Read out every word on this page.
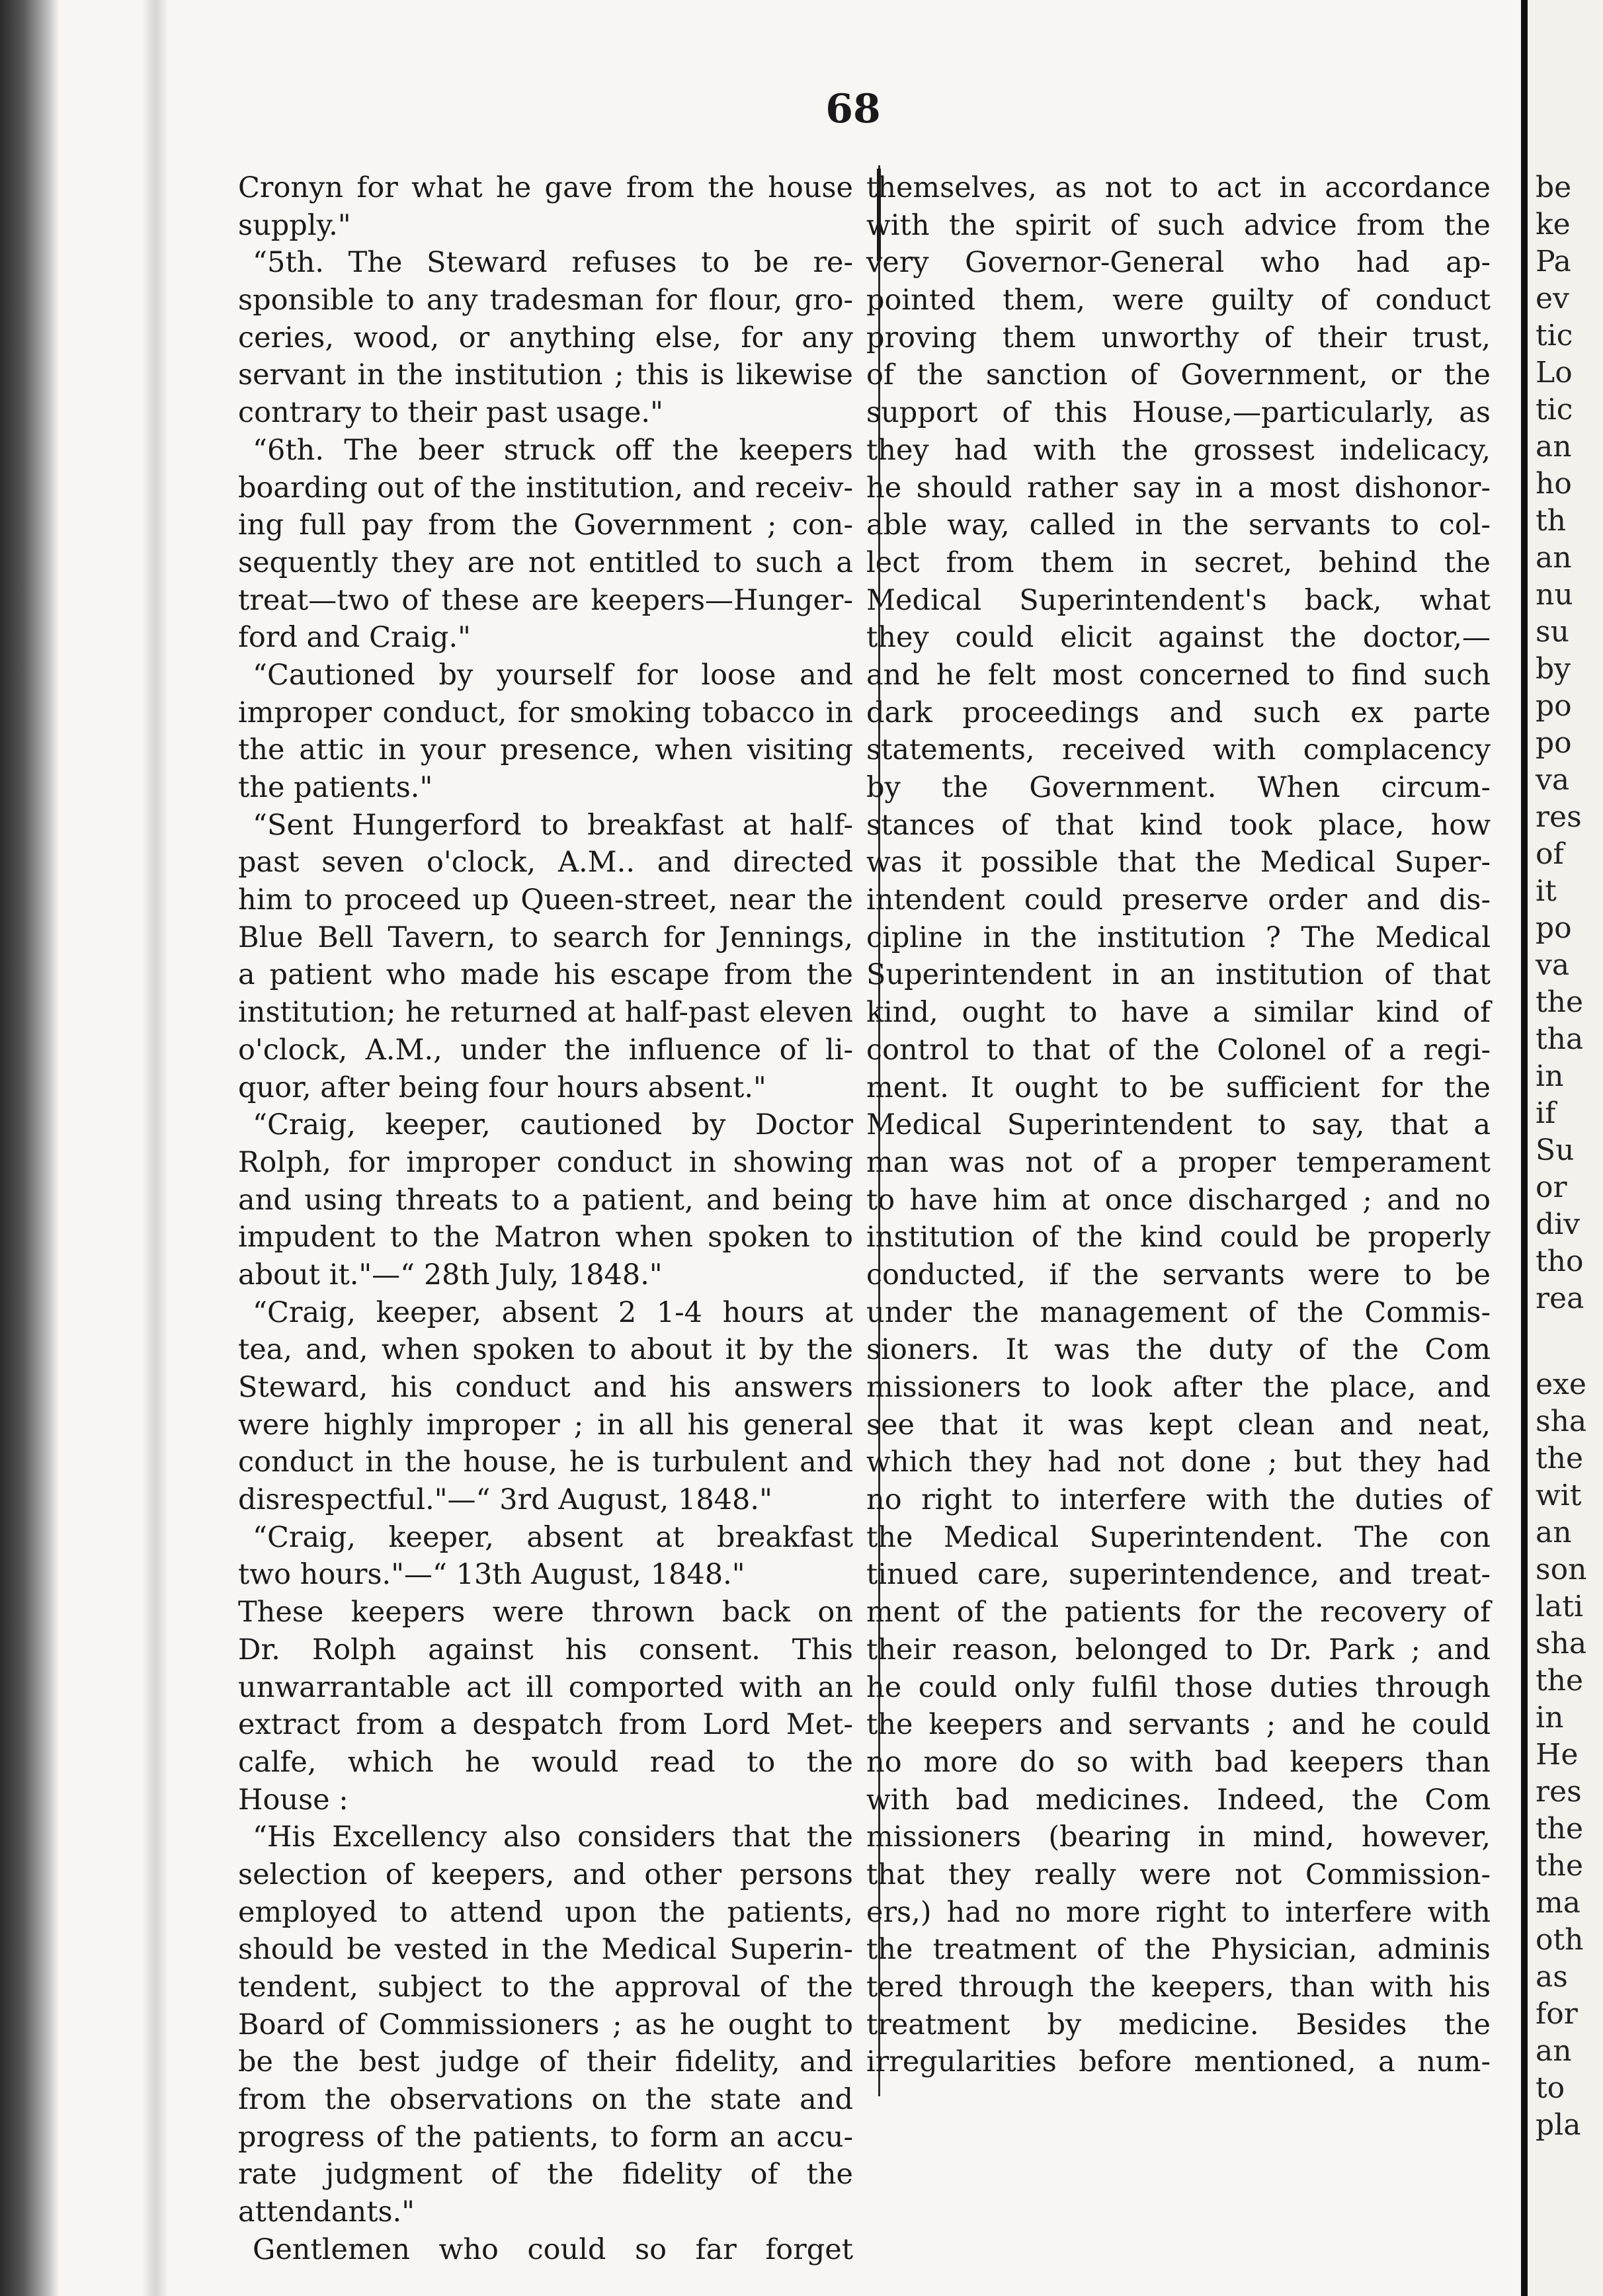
68
Cronyn for what he gave from the house
supply."
“5th. The Steward refuses to be re-
sponsible to any tradesman for flour, gro-
ceries, wood, or anything else, for any
servant in the institution ; this is likewise
contrary to their past usage."
“6th. The beer struck off the keepers
boarding out of the institution, and receiv-
ing full pay from the Government ; con-
sequently they are not entitled to such a
treat—two of these are keepers—Hunger-
ford and Craig."
“Cautioned by yourself for loose and
improper conduct, for smoking tobacco in
the attic in your presence, when visiting
the patients."
“Sent Hungerford to breakfast at half-
past seven o'clock, A.M.. and directed
him to proceed up Queen-street, near the
Blue Bell Tavern, to search for Jennings,
a patient who made his escape from the
institution; he returned at half-past eleven
o'clock, A.M., under the influence of li-
quor, after being four hours absent."
“Craig, keeper, cautioned by Doctor
Rolph, for improper conduct in showing
and using threats to a patient, and being
impudent to the Matron when spoken to
about it."—“ 28th July, 1848."
“Craig, keeper, absent 2 1-4 hours at
tea, and, when spoken to about it by the
Steward, his conduct and his answers
were highly improper ; in all his general
conduct in the house, he is turbulent and
disrespectful."—“ 3rd August, 1848."
“Craig, keeper, absent at breakfast
two hours."—“ 13th August, 1848."
These keepers were thrown back on
Dr. Rolph against his consent. This
unwarrantable act ill comported with an
extract from a despatch from Lord Met-
calfe, which he would read to the
House :
“His Excellency also considers that the
selection of keepers, and other persons
employed to attend upon the patients,
should be vested in the Medical Superin-
tendent, subject to the approval of the
Board of Commissioners ; as he ought to
be the best judge of their fidelity, and
from the observations on the state and
progress of the patients, to form an accu-
rate judgment of the fidelity of the
attendants."
Gentlemen who could so far forget
themselves, as not to act in accordance
with the spirit of such advice from the
very Governor-General who had ap-
pointed them, were guilty of conduct
proving them unworthy of their trust,
of the sanction of Government, or the
support of this House,—particularly, as
they had with the grossest indelicacy,
he should rather say in a most dishonor-
able way, called in the servants to col-
lect from them in secret, behind the
Medical Superintendent's back, what
they could elicit against the doctor,—
and he felt most concerned to find such
dark proceedings and such ex parte
statements, received with complacency
by the Government. When circum-
stances of that kind took place, how
was it possible that the Medical Super-
intendent could preserve order and dis-
cipline in the institution ? The Medical
Superintendent in an institution of that
kind, ought to have a similar kind of
control to that of the Colonel of a regi-
ment. It ought to be sufficient for the
Medical Superintendent to say, that a
man was not of a proper temperament
to have him at once discharged ; and no
institution of the kind could be properly
conducted, if the servants were to be
under the management of the Commis-
sioners. It was the duty of the Com
missioners to look after the place, and
see that it was kept clean and neat,
which they had not done ; but they had
no right to interfere with the duties of
the Medical Superintendent. The con
tinued care, superintendence, and treat-
ment of the patients for the recovery of
their reason, belonged to Dr. Park ; and
he could only fulfil those duties through
the keepers and servants ; and he could
no more do so with bad keepers than
with bad medicines. Indeed, the Com
missioners (bearing in mind, however,
that they really were not Commission-
ers,) had no more right to interfere with
the treatment of the Physician, adminis
tered through the keepers, than with his
treatment by medicine. Besides the
irregularities before mentioned, a num-
be
ke
Pa
ev
tic
Lo
tic
an
ho
th
an
nu
su
by
po
po
va
res
of
it
po
va
the
tha
in
if
Su
or
div
tho
rea
exe
sha
the
wit
an
son
lati
sha
the
in
He
res
the
the
ma
oth
as
for
an
to
pla
